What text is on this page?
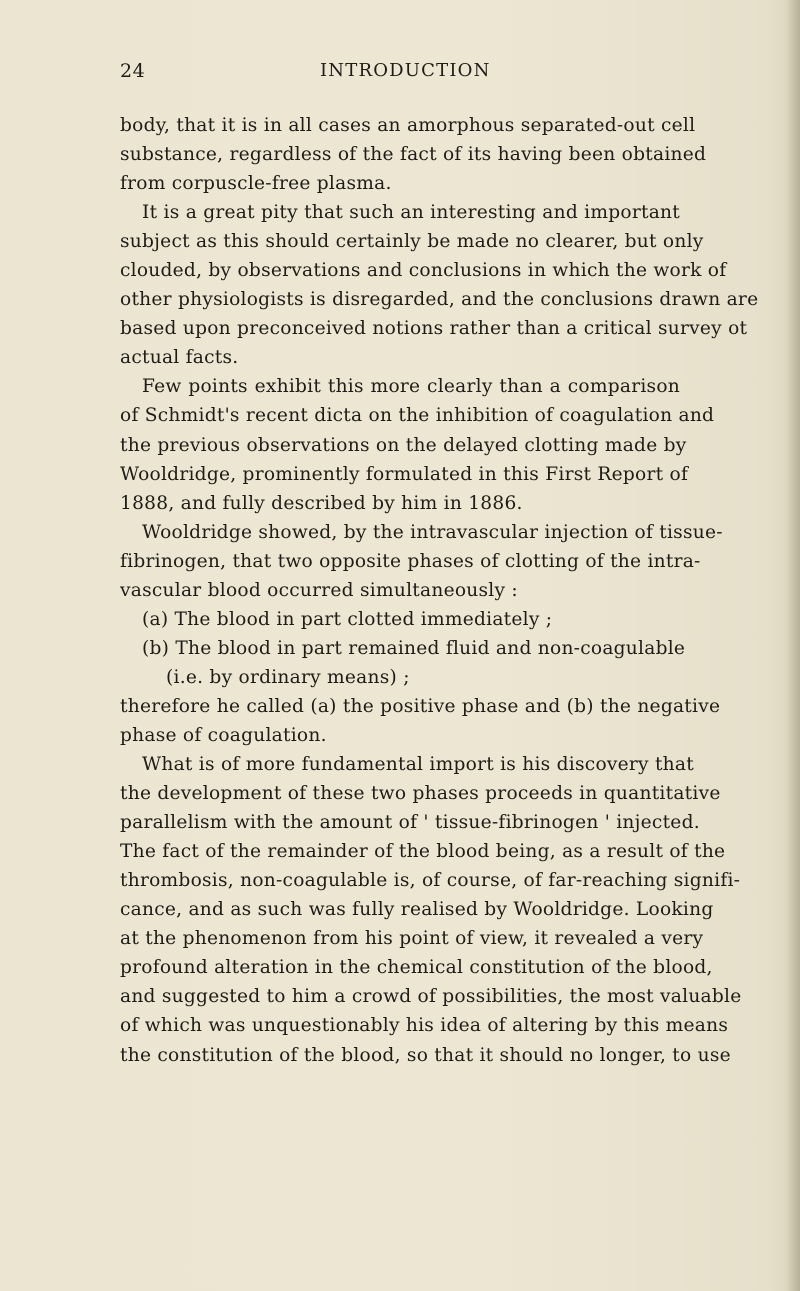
24	INTRODUCTION
body, that it is in all cases an amorphous separated-out cell
substance, regardless of the fact of its having been obtained
from corpuscle-free plasma.
It is a great pity that such an interesting and important
subject as this should certainly be made no clearer, but only
clouded, by observations and conclusions in which the work of
other physiologists is disregarded, and the conclusions drawn are
based upon preconceived notions rather than a critical survey ot
actual facts.
Few points exhibit this more clearly than a comparison
of Schmidt's recent dicta on the inhibition of coagulation and
the previous observations on the delayed clotting made by
Wooldridge, prominently formulated in this First Report of
1888, and fully described by him in 1886.
Wooldridge showed, by the intravascular injection of tissue-
fibrinogen, that two opposite phases of clotting of the intra-
vascular blood occurred simultaneously :
(a) The blood in part clotted immediately ;
(b) The blood in part remained fluid and non-coagulable
(i.e. by ordinary means) ;
therefore he called (a) the positive phase and (b) the negative
phase of coagulation.
What is of more fundamental import is his discovery that
the development of these two phases proceeds in quantitative
parallelism with the amount of ' tissue-fibrinogen ' injected.
The fact of the remainder of the blood being, as a result of the
thrombosis, non-coagulable is, of course, of far-reaching signifi-
cance, and as such was fully realised by Wooldridge. Looking
at the phenomenon from his point of view, it revealed a very
profound alteration in the chemical constitution of the blood,
and suggested to him a crowd of possibilities, the most valuable
of which was unquestionably his idea of altering by this means
the constitution of the blood, so that it should no longer, to use
